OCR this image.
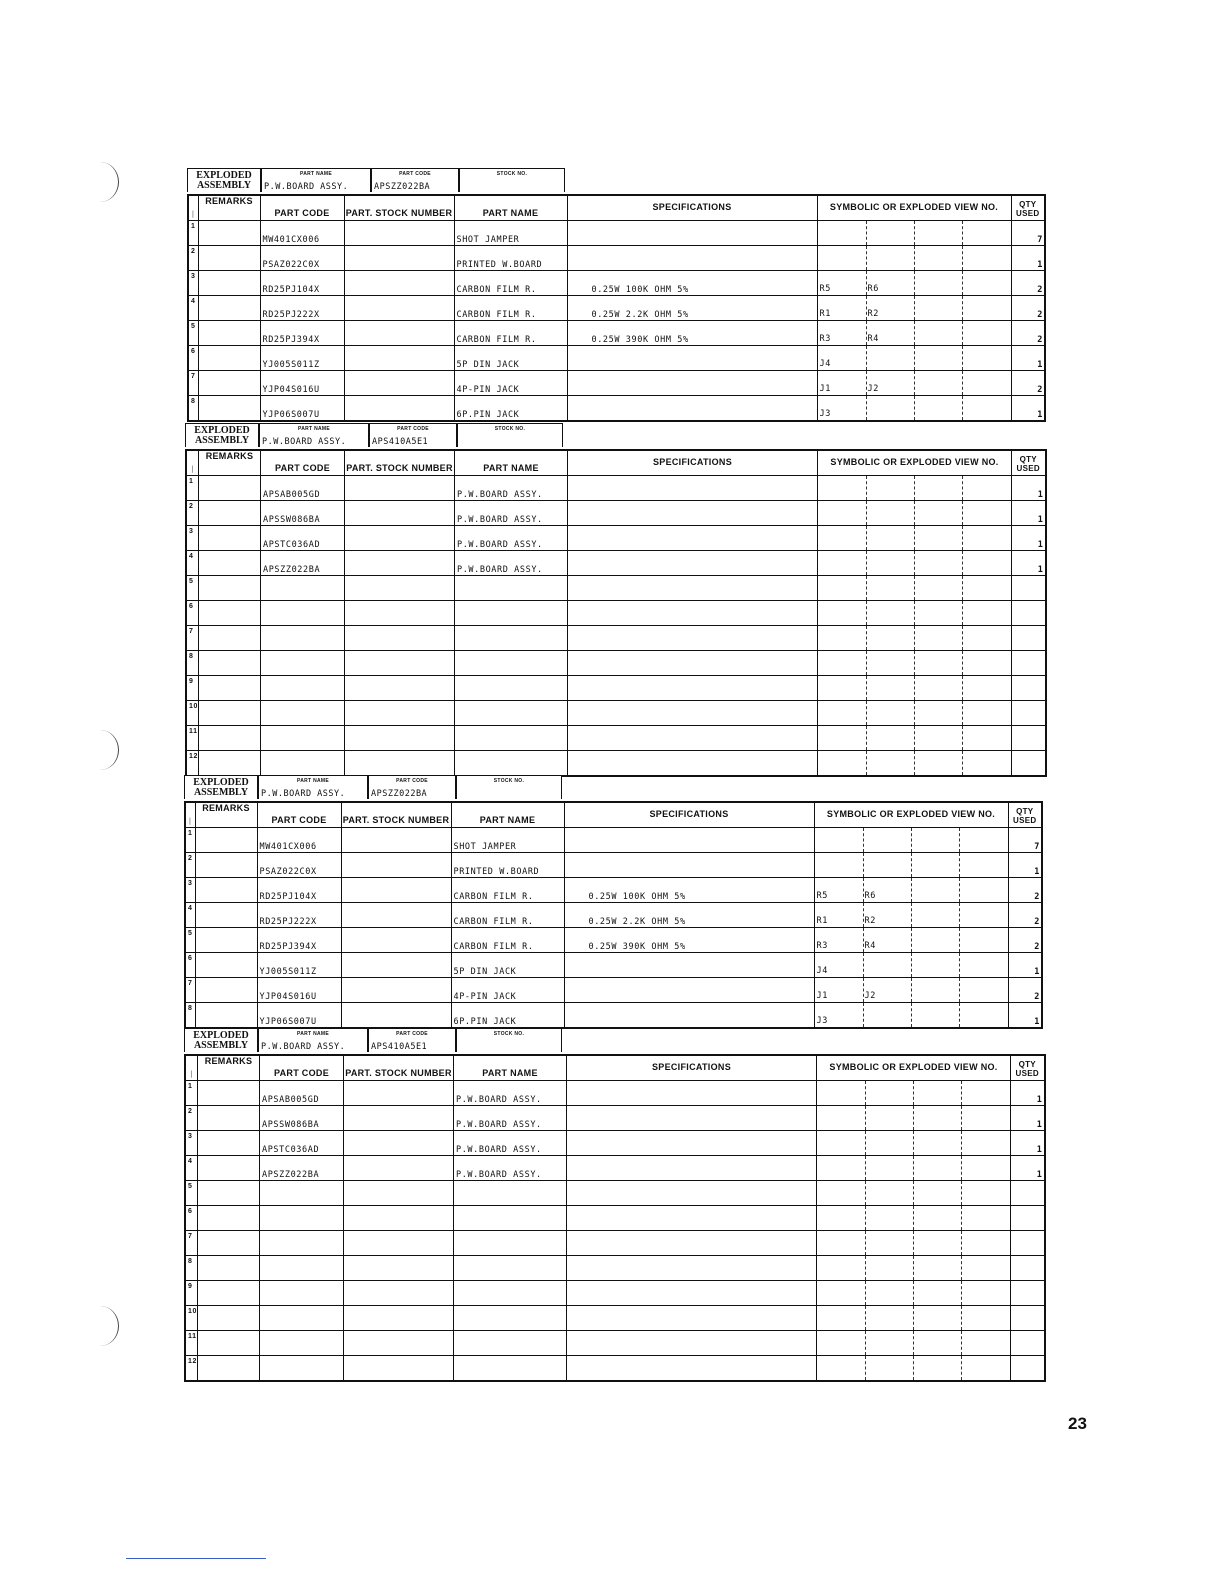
EXPLODED
ASSEMBLY
PART NAME
P.W.BOARD ASSY.
PART CODE
APSZZ022BA
STOCK NO.
│	REMARKS	PART CODE	PART. STOCK NUMBER	PART NAME	SPECIFICATIONS	SYMBOLIC OR EXPLODED VIEW NO.	QTY
USED

1		MW401CX006		SHOT JAMPER			7
2		PSAZ022C0X		PRINTED W.BOARD			1
3		RD25PJ104X		CARBON FILM R.	0.25W 100K OHM 5%	R5 R6	2
4		RD25PJ222X		CARBON FILM R.	0.25W 2.2K OHM 5%	R1 R2	2
5		RD25PJ394X		CARBON FILM R.	0.25W 390K OHM 5%	R3 R4	2
6		YJ005S011Z		5P DIN JACK		J4	1
7		YJP04S016U		4P-PIN JACK		J1 J2	2
8		YJP06S007U		6P.PIN JACK		J3	1
EXPLODED
ASSEMBLY
PART NAME
P.W.BOARD ASSY.
PART CODE
APS410A5E1
STOCK NO.
│	REMARKS	PART CODE	PART. STOCK NUMBER	PART NAME	SPECIFICATIONS	SYMBOLIC OR EXPLODED VIEW NO.	QTY
USED

1		APSAB005GD		P.W.BOARD ASSY.			1
2		APSSW086BA		P.W.BOARD ASSY.			1
3		APSTC036AD		P.W.BOARD ASSY.			1
4		APSZZ022BA		P.W.BOARD ASSY.			1
5						

6						

7						

8						

9						

10						

11						

12						

EXPLODED
ASSEMBLY
PART NAME
P.W.BOARD ASSY.
PART CODE
APSZZ022BA
STOCK NO.
│	REMARKS	PART CODE	PART. STOCK NUMBER	PART NAME	SPECIFICATIONS	SYMBOLIC OR EXPLODED VIEW NO.	QTY
USED

1		MW401CX006		SHOT JAMPER			7
2		PSAZ022C0X		PRINTED W.BOARD			1
3		RD25PJ104X		CARBON FILM R.	0.25W 100K OHM 5%	R5 R6	2
4		RD25PJ222X		CARBON FILM R.	0.25W 2.2K OHM 5%	R1 R2	2
5		RD25PJ394X		CARBON FILM R.	0.25W 390K OHM 5%	R3 R4	2
6		YJ005S011Z		5P DIN JACK		J4	1
7		YJP04S016U		4P-PIN JACK		J1 J2	2
8		YJP06S007U		6P.PIN JACK		J3	1
EXPLODED
ASSEMBLY
PART NAME
P.W.BOARD ASSY.
PART CODE
APS410A5E1
STOCK NO.
│	REMARKS	PART CODE	PART. STOCK NUMBER	PART NAME	SPECIFICATIONS	SYMBOLIC OR EXPLODED VIEW NO.	QTY
USED

1		APSAB005GD		P.W.BOARD ASSY.			1
2		APSSW086BA		P.W.BOARD ASSY.			1
3		APSTC036AD		P.W.BOARD ASSY.			1
4		APSZZ022BA		P.W.BOARD ASSY.			1
5						

6						

7						

8						

9						

10						

11						

12						

23
